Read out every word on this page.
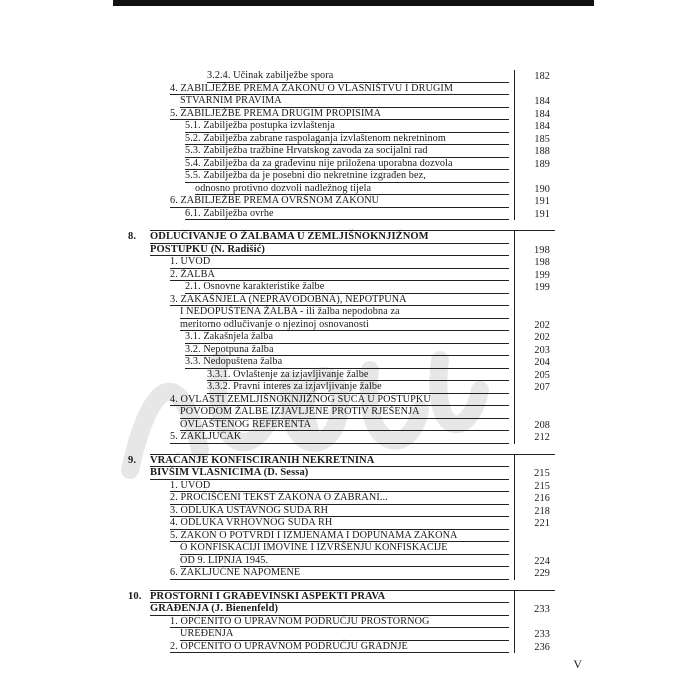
3.2.4. Učinak zabilježbe spora	182
4. ZABILJEŽBE PREMA ZAKONU O VLASNIŠTVU I DRUGIM
STVARNIM PRAVIMA	184
5. ZABILJEŽBE PREMA DRUGIM PROPISIMA	184
5.1. Zabilježba postupka izvlaštenja	184
5.2. Zabilježba zabrane raspolaganja izvlaštenom nekretninom	185
5.3. Zabilježba tražbine Hrvatskog zavoda za socijalni rad	188
5.4. Zabilježba da za građevinu nije priložena uporabna dozvola	189
5.5. Zabilježba da je posebni dio nekretnine izgrađen bez,
odnosno protivno dozvoli nadležnog tijela	190
6. ZABILJEŽBE PREMA OVRŠNOM ZAKONU	191
6.1. Zabilježba ovrhe	191
8. ODLUČIVANJE O ŽALBAMA U ZEMLJIŠNOKNJIŽNOM
POSTUPKU (N. Radišić)	198
1. UVOD	198
2. ŽALBA	199
2.1. Osnovne karakteristike žalbe	199
3. ZAKAŠNJELA (NEPRAVODOBNA), NEPOTPUNA
I NEDOPUŠTENA ŽALBA - ili žalba nepodobna za
meritorno odlučivanje o njezinoj osnovanosti	202
3.1. Zakašnjela žalba	202
3.2. Nepotpuna žalba	203
3.3. Nedopuštena žalba	204
3.3.1. Ovlaštenje za izjavljivanje žalbe	205
3.3.2. Pravni interes za izjavljivanje žalbe	207
4. OVLASTI ZEMLJIŠNOKNJIŽNOG SUCA U POSTUPKU
POVODOM ŽALBE IZJAVLJENE PROTIV RJEŠENJA
OVLAŠTENOG REFERENTA	208
5. ZAKLJUČAK	212
9. VRAĆANJE KONFISCIRANIH NEKRETNINA
BIVŠIM VLASNICIMA (D. Sessa)	215
1. UVOD	215
2. PROČIŠĆENI TEKST ZAKONA O ZABRANI...	216
3. ODLUKA USTAVNOG SUDA RH	218
4. ODLUKA VRHOVNOG SUDA RH	221
5. ZAKON O POTVRDI I IZMJENAMA I DOPUNAMA ZAKONA
O KONFISKACIJI IMOVINE I IZVRŠENJU KONFISKACIJE
OD 9. LIPNJA 1945.	224
6. ZAKLJUČNE NAPOMENE	229
10. PROSTORNI I GRAĐEVINSKI ASPEKTI PRAVA
GRAĐENJA (J. Bienenfeld)	233
1. OPĆENITO O UPRAVNOM PODRUČJU PROSTORNOG
UREĐENJA	233
2. OPĆENITO O UPRAVNOM PODRUČJU GRADNJE	236
V
